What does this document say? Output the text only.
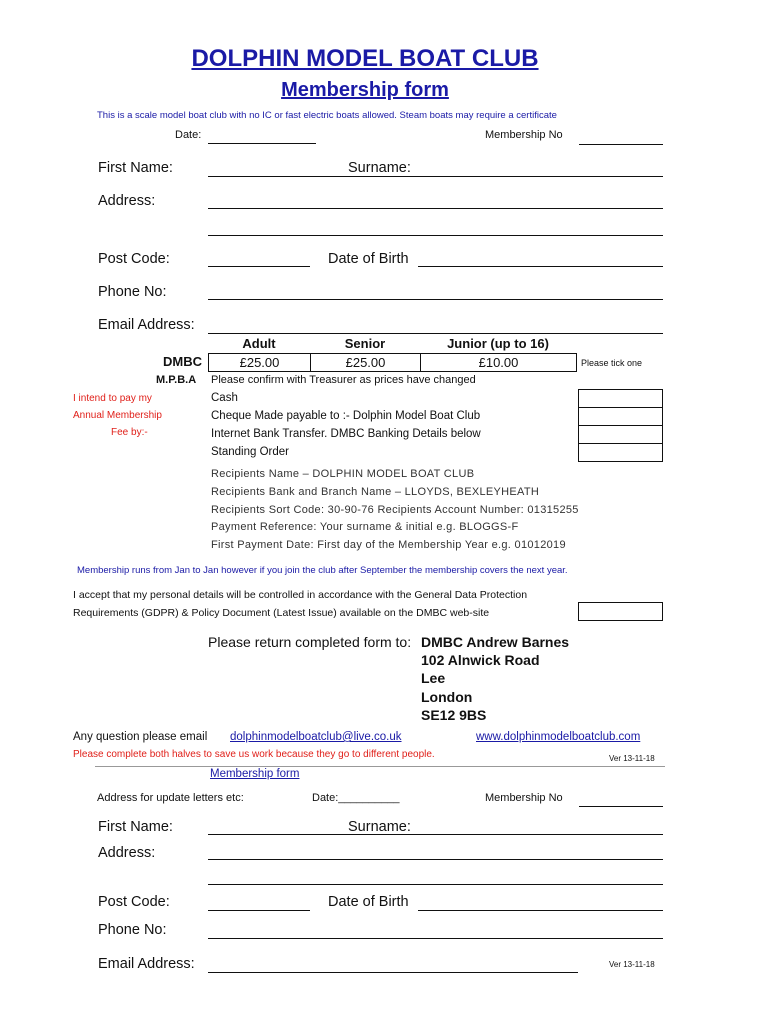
DOLPHIN MODEL BOAT CLUB
Membership form
This is a scale model boat club with no IC or fast electric boats allowed. Steam boats may require a certificate
Date:	Membership No
First Name:	Surname:
Address:
Post Code:	Date of Birth
Phone No:
Email Address:
Adult	Senior	Junior (up to 16)
DMBC	£25.00	£25.00	£10.00	Please tick one
M.P.B.A Please confirm with Treasurer as prices have changed
I intend to pay my
Annual Membership
Fee by:-
Cash
Cheque Made payable to :- Dolphin Model Boat Club
Internet Bank Transfer. DMBC Banking Details below
Standing Order
Recipients Name – DOLPHIN MODEL BOAT CLUB
Recipients Bank and Branch Name – LLOYDS, BEXLEYHEATH
Recipients Sort Code: 30-90-76 Recipients Account Number: 01315255
Payment Reference: Your surname & initial e.g. BLOGGS-F
First Payment Date: First day of the Membership Year e.g. 01012019
Membership runs from Jan to Jan however if you join the club after September the membership covers the next year.
I accept that my personal details will be controlled in accordance with the General Data Protection
Requirements (GDPR) & Policy Document (Latest Issue) available on the DMBC web-site
Please return completed form to: DMBC Andrew Barnes
102 Alnwick Road
Lee
London
SE12 9BS
Any question please email dolphinmodelboatclub@live.co.uk	www.dolphinmodelboatclub.com
Please complete both halves to save us work because they go to different people.	Ver 13-11-18
Membership form
Address for update letters etc:	Date:__________	Membership No
First Name:	Surname:
Address:
Post Code:	Date of Birth
Phone No:
Email Address:	Ver 13-11-18
